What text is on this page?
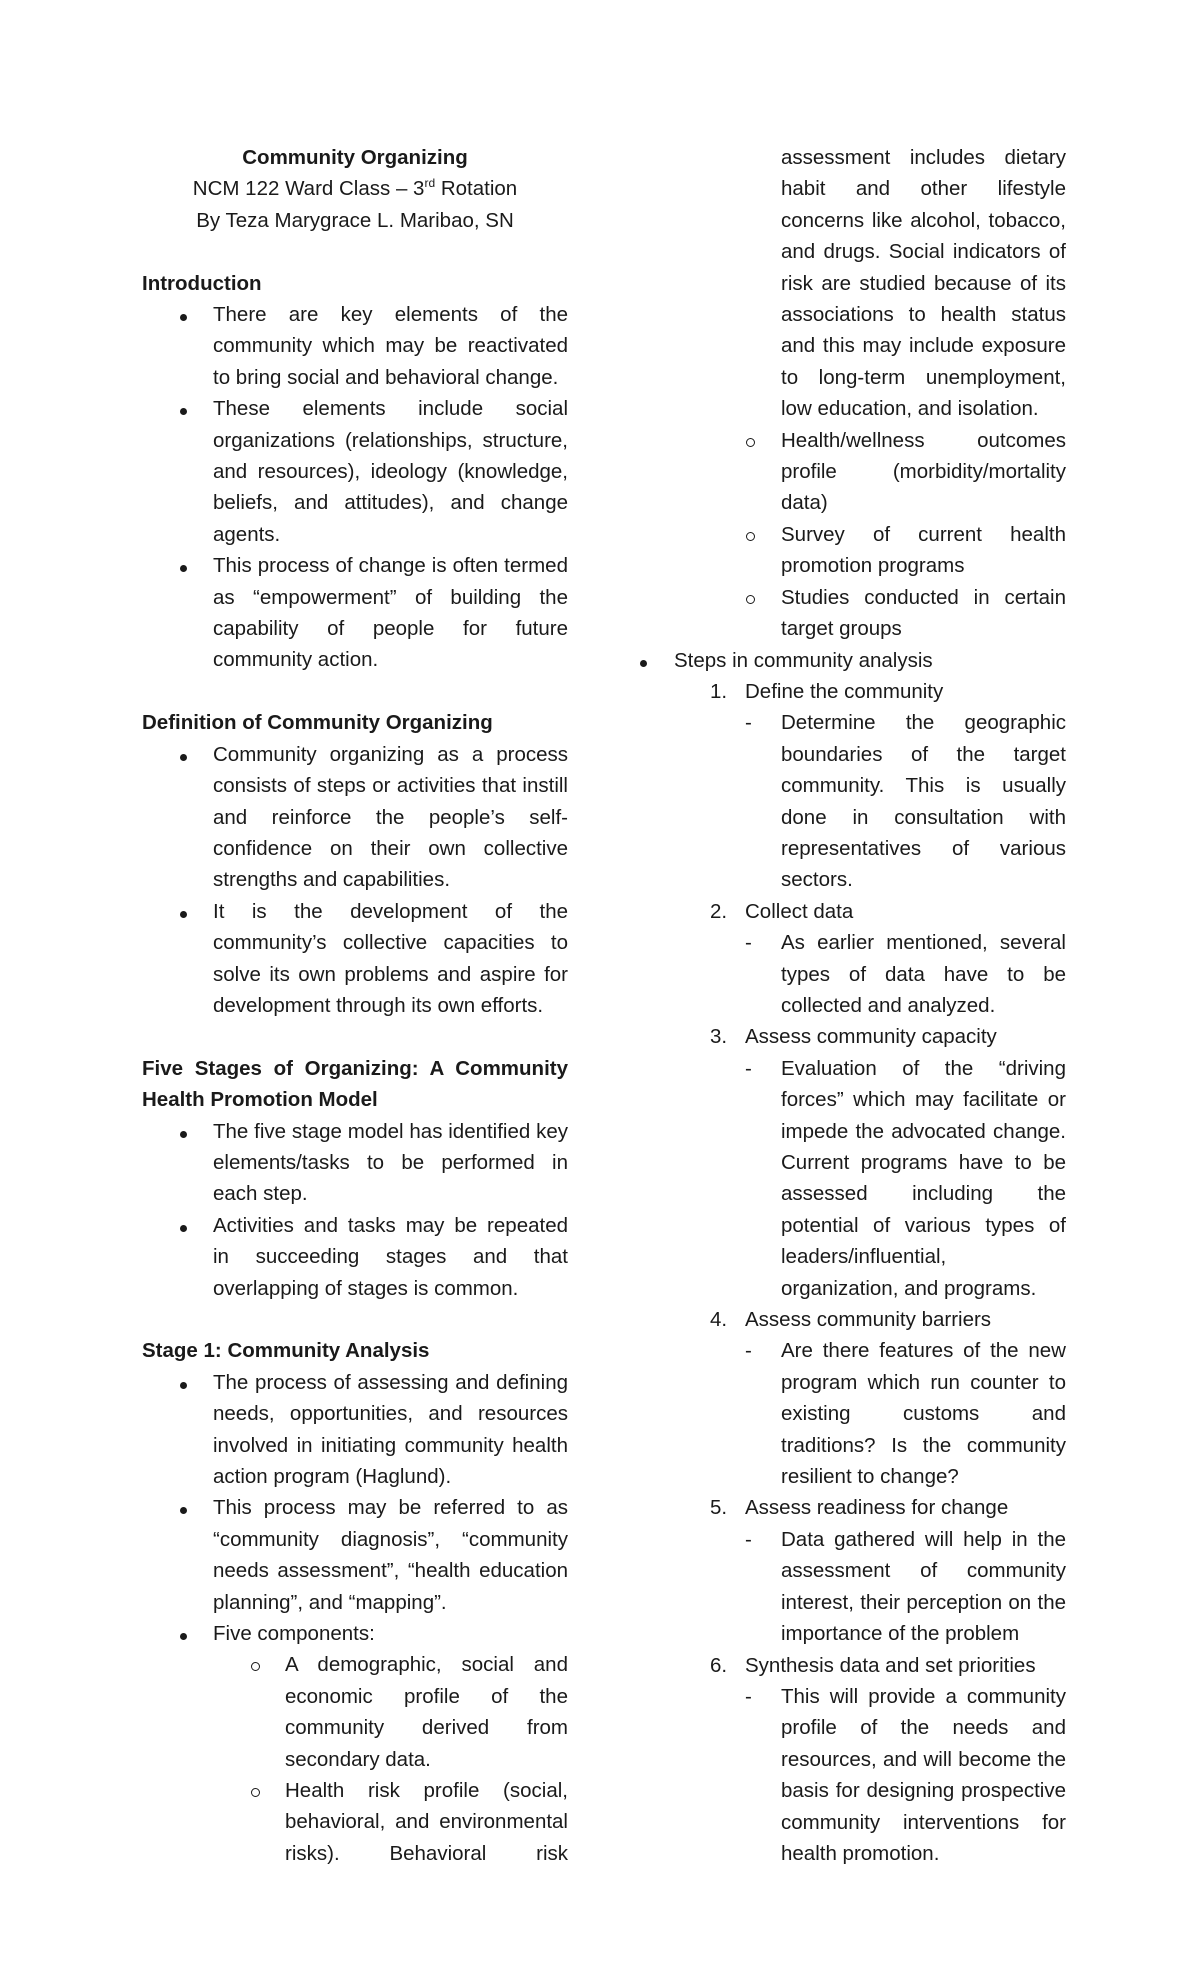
Community Organizing
NCM 122 Ward Class – 3rd Rotation
By Teza Marygrace L. Maribao, SN
Introduction
There are key elements of the community which may be reactivated to bring social and behavioral change.
These elements include social organizations (relationships, structure, and resources), ideology (knowledge, beliefs, and attitudes), and change agents.
This process of change is often termed as “empowerment” of building the capability of people for future community action.
Definition of Community Organizing
Community organizing as a process consists of steps or activities that instill and reinforce the people’s self-confidence on their own collective strengths and capabilities.
It is the development of the community’s collective capacities to solve its own problems and aspire for development through its own efforts.
Five Stages of Organizing: A Community Health Promotion Model
The five stage model has identified key elements/tasks to be performed in each step.
Activities and tasks may be repeated in succeeding stages and that overlapping of stages is common.
Stage 1: Community Analysis
The process of assessing and defining needs, opportunities, and resources involved in initiating community health action program (Haglund).
This process may be referred to as “community diagnosis”, “community needs assessment”, “health education planning”, and “mapping”.
Five components:
A demographic, social and economic profile of the community derived from secondary data.
Health risk profile (social, behavioral, and environmental risks). Behavioral risk
assessment includes dietary habit and other lifestyle concerns like alcohol, tobacco, and drugs. Social indicators of risk are studied because of its associations to health status and this may include exposure to long-term unemployment, low education, and isolation.
Health/wellness outcomes profile (morbidity/mortality data)
Survey of current health promotion programs
Studies conducted in certain target groups
Steps in community analysis
1. Define the community
-	Determine the geographic boundaries of the target community. This is usually done in consultation with representatives of various sectors.
2. Collect data
-	As earlier mentioned, several types of data have to be collected and analyzed.
3. Assess community capacity
-	Evaluation of the “driving forces” which may facilitate or impede the advocated change. Current programs have to be assessed including the potential of various types of leaders/influential, organization, and programs.
4. Assess community barriers
-	Are there features of the new program which run counter to existing customs and traditions? Is the community resilient to change?
5. Assess readiness for change
-	Data gathered will help in the assessment of community interest, their perception on the importance of the problem
6. Synthesis data and set priorities
-	This will provide a community profile of the needs and resources, and will become the basis for designing prospective community interventions for health promotion.
